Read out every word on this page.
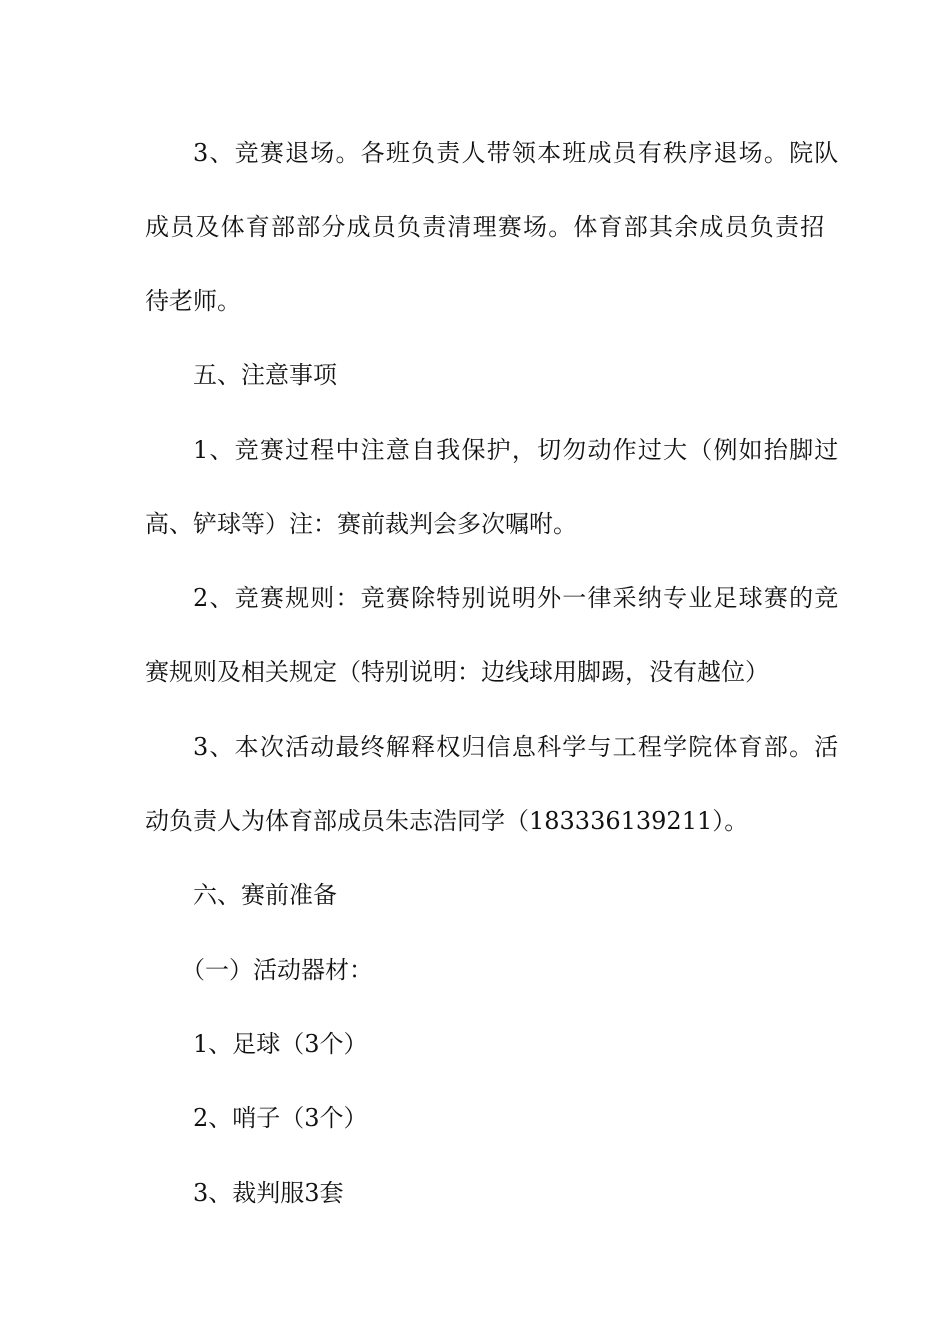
3、竞赛退场。各班负责人带领本班成员有秩序退场。院队
成员及体育部部分成员负责清理赛场。体育部其余成员负责招
待老师。
五、注意事项
1、竞赛过程中注意自我保护，切勿动作过大（例如抬脚过
高、铲球等）注：赛前裁判会多次嘱咐。
2、竞赛规则：竞赛除特别说明外一律采纳专业足球赛的竞
赛规则及相关规定（特别说明：边线球用脚踢，没有越位）
3、本次活动最终解释权归信息科学与工程学院体育部。活
动负责人为体育部成员朱志浩同学（183336139211）。
六、赛前准备
（一）活动器材：
1、足球（3个）
2、哨子（3个）
3、裁判服3套
